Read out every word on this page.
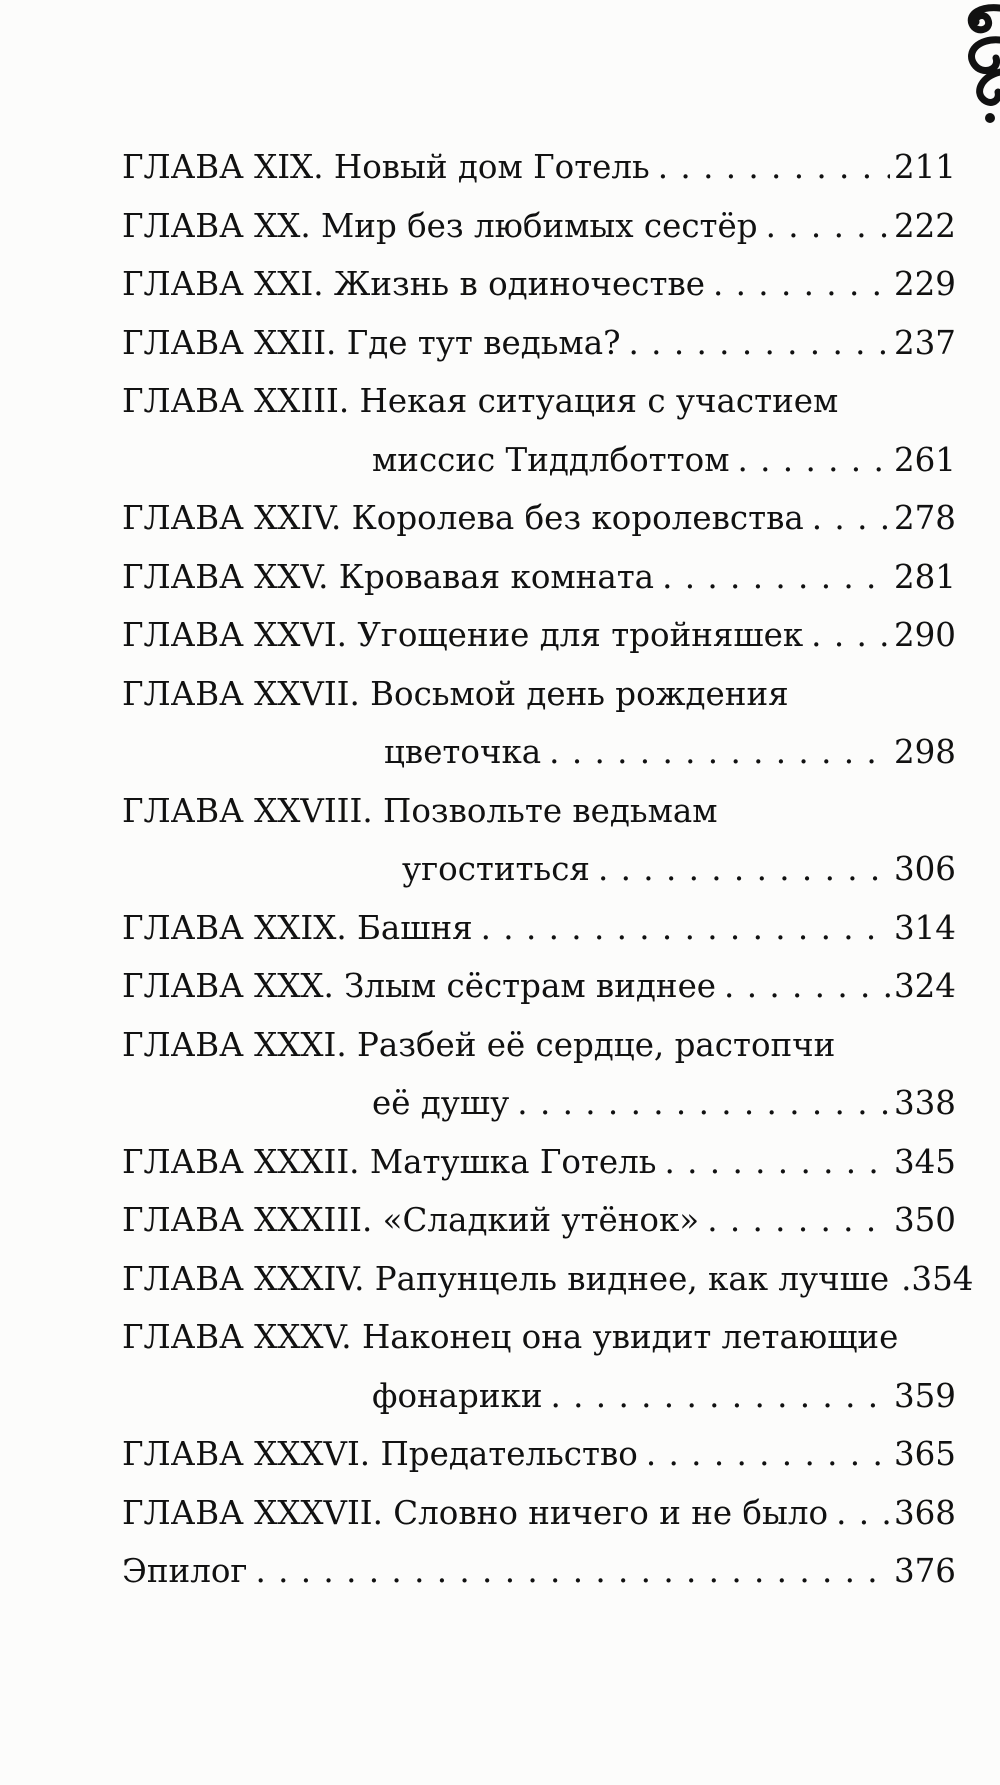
ГЛАВА XIX. Новый дом Готель . . .	211
ГЛАВА XX. Мир без любимых сестёр . . .	222
ГЛАВА XXI. Жизнь в одиночестве . . .	229
ГЛАВА XXII. Где тут ведьма? . . .	237
ГЛАВА XXIII. Некая ситуация с участием
миссис Тиддлботтом . . .	261
ГЛАВА XXIV. Королева без королевства . . .	278
ГЛАВА XXV. Кровавая комната . . .	281
ГЛАВА XXVI. Угощение для тройняшек . . .	290
ГЛАВА XXVII. Восьмой день рождения
цветочка . . .	298
ГЛАВА XXVIII. Позвольте ведьмам
угоститься . . .	306
ГЛАВА XXIX. Башня . . .	314
ГЛАВА XXX. Злым сёстрам виднее . . .	324
ГЛАВА XXXI. Разбей её сердце, растопчи
её душу . . .	338
ГЛАВА XXXII. Матушка Готель . . .	345
ГЛАВА XXXIII. «Сладкий утёнок» . . .	350
ГЛАВА XXXIV. Рапунцель виднее, как лучше . . . .354
ГЛАВА XXXV. Наконец она увидит летающие
фонарики . . .	359
ГЛАВА XXXVI. Предательство . . .	365
ГЛАВА XXXVII. Словно ничего и не было . . . 368
Эпилог . . .	376
